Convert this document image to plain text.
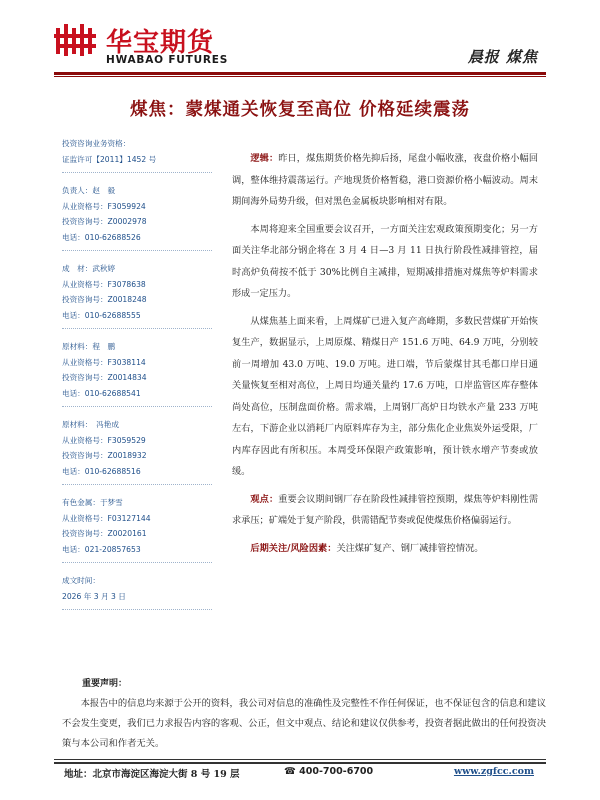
华宝期货
HWABAO FUTURES	晨报 煤焦
煤焦：蒙煤通关恢复至高位 价格延续震荡
投资咨询业务资格：
证监许可【2011】1452 号
负责人：赵　毅
从业资格号：F3059924
投资咨询号：Z0002978
电话：010-62688526
成　材：武秋婷
从业资格号：F3078638
投资咨询号：Z0018248
电话：010-62688555
原材料：程　鹏
从业资格号：F3038114
投资咨询号：Z0014834
电话：010-62688541
原材料：　冯艳成
从业资格号：F3059529
投资咨询号：Z0018932
电话：010-62688516
有色金属：于梦雪
从业资格号：F03127144
投资咨询号：Z0020161
电话：021-20857653
成文时间：
2026 年 3 月 3 日

逻辑：昨日，煤焦期货价格先抑后扬，尾盘小幅收涨，夜盘价格小幅回调，整体维持震荡运行。产地现货价格暂稳，港口资源价格小幅波动。周末期间海外局势升级，但对黑色金属板块影响相对有限。

本周将迎来全国重要会议召开，一方面关注宏观政策预期变化；另一方面关注华北部分钢企将在 3 月 4 日—3 月 11 日执行阶段性减排管控，届时高炉负荷按不低于 30%比例自主减排，短期减排措施对煤焦等炉料需求形成一定压力。

从煤焦基上面来看，上周煤矿已进入复产高峰期，多数民营煤矿开始恢复生产，数据显示，上周原煤、精煤日产 151.6 万吨、64.9 万吨，分别较前一周增加 43.0 万吨、19.0 万吨。进口端，节后蒙煤甘其毛都口岸日通关量恢复至相对高位，上周日均通关量约 17.6 万吨，口岸监管区库存整体尚处高位，压制盘面价格。需求端，上周钢厂高炉日均铁水产量 233 万吨左右，下游企业以消耗厂内原料库存为主，部分焦化企业焦炭外运受限，厂内库存因此有所积压。本周受环保限产政策影响，预计铁水增产节奏或放缓。

观点：重要会议期间钢厂存在阶段性减排管控预期，煤焦等炉料刚性需求承压；矿端处于复产阶段，供需错配节奏或促使煤焦价格偏弱运行。

后期关注/风险因素：关注煤矿复产、钢厂减排管控情况。

重要声明：
本报告中的信息均来源于公开的资料，我公司对信息的准确性及完整性不作任何保证，也不保证包含的信息和建议不会发生变更，我们已力求报告内容的客观、公正，但文中观点、结论和建议仅供参考，投资者据此做出的任何投资决策与本公司和作者无关。
地址：北京市海淀区海淀大街 8 号 19 层	☎ 400-700-6700	www.zgfcc.com
